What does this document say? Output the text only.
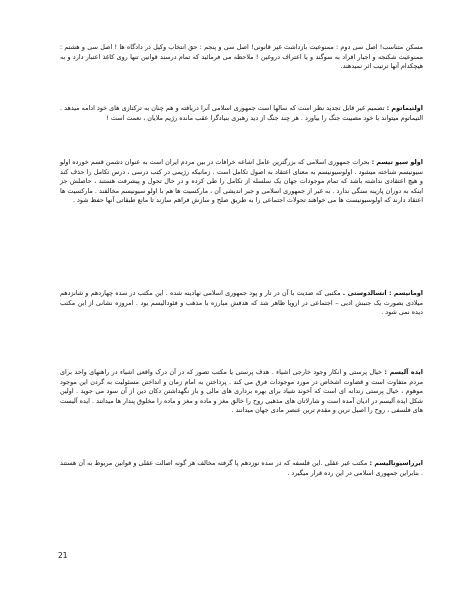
مسکن متناسب! اصل سی دوم : ممنوعیت بازداشت غیر قانونی! اصل سی و پنجم : حق انتخاب وکیل در دادگاه ها ! اصل سی و هشتم : ممنوعیت شکنجه و اجبار افراد به سوگند و یا اعتراف دروغین ! ملاحظه می فرمائید که تمام درسند قوانین تنها روی کاغذ اعتبار دارد و به هیچکدام آنها ترتیب اثر نمیدهند.

اولتیماتوم : تصمیم غیر قابل تجدید نظر است که سالها است جمهوری اسلامی آنرا دریافته و هم چنان به ترکتازی های خود ادامه میدهد . التیماتوم میتواند با خود مصیبت جنگ را بیاورد . هر چند جنگ از دید رهبری بنیادگرا عقب مانده رژیم ملایان ، نعمت است !

اولو سیو تیسم : بحرات جمهوری اسلامی که بزرگترین عامل اشاعه خرافات در بین مردم ایران است به عنوان دشمن قسم خورده اولو سیونیسم شناخته میشود . اولوسیونیسم به معنای اعتقاد به اصول تکامل است . زمانیکه رژیمی در کتب درسی ، درس تکامل را حذف کند و هیچ اعتقادی نداشته باشد که تمام موجودات جهان یک سلسله از تکامل را طی کرده و در حال تحول و پیشرفت هستند ، حاصلش جز اینکه به دوران پارینه سنگی ندارد . به غیر از جمهوری اسلامی و جبر اندیشی آن ، مارکسیت ها هم با اولو سیونیسم مخالفند . مارکسیت ها اعتقاد دارند که اولوسیونیست ها می خواهند تحولات اجتماعی را به طریق صلح و سازش فراهم سازند تا مانع طبقاتی آنها حفظ شود .

اومانیسم : انسالدوستی . مکتبی که ضدیت با آن در تار و پود جمهوری اسلامی نهادینه شده . این مکتب در سده چهاردهم و شانزدهم میلادی بصورت یک جنبش ادبی – اجتماعی در اروپا ظاهر شد که هدفش مبارزه با مذهب و فئودالیسم بود . امروزه نشانی از این مکتب دیده نمی شود .

ایده آلیسم : خیال پرستی و انکار وجود خارجی اشیاء . هدف پرستی یا مکتب تصور که در آن درک واقعی اشیاء در راهنهای واحد برای مردم متفاوت است و قضاوت اشخاص در مورد موجودات فرق می کند . پرداختن به امام زمان و انداختن مسئولیت به گردن این موجود موهوم ، خیال پرستی رندانه ای است که آخوند شیاد برای بهره برداری های مالی و باز نگهداشتن دکان دین از آن سود می جوید . اولین شکل ایده آلیسم در ادیان آمده است و شارلاتان های مذهبی روح را خالق مغز و ماده و مغز و ماده را مخلوق پندار ها میدانند . ایده آلیست های فلسفی ، روح را اصیل ترین و مقدم ترین عنصر مادی جهان میدانند .

ایرراسیونالیسم : مکتب غیر عقلی .این فلسفه که در سده نوزدهم پا گرفته مخالف هر گونه اصالت عقلی و قوانین مربوط به آن هستند . بنابراین جمهوری اسلامی در این رده قرار میگیرد .

21
